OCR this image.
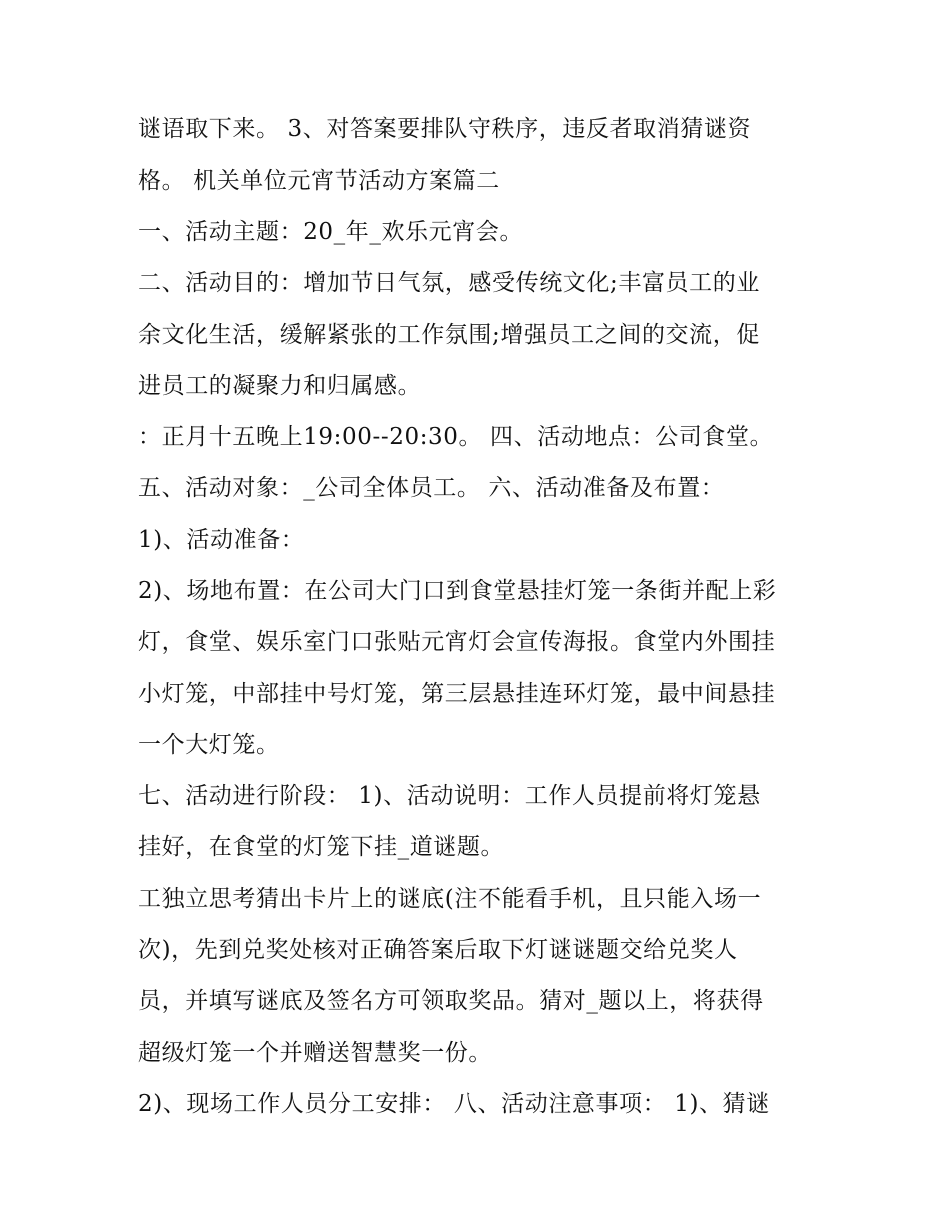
谜语取下来。 3、对答案要排队守秩序，违反者取消猜谜资
格。 机关单位元宵节活动方案篇二
一、活动主题：20_年_欢乐元宵会。
二、活动目的：增加节日气氛，感受传统文化;丰富员工的业
余文化生活，缓解紧张的工作氛围;增强员工之间的交流，促
进员工的凝聚力和归属感。
：正月十五晚上19:00--20:30。 四、活动地点：公司食堂。
五、活动对象：_公司全体员工。 六、活动准备及布置：
1)、活动准备：
2)、场地布置：在公司大门口到食堂悬挂灯笼一条街并配上彩
灯，食堂、娱乐室门口张贴元宵灯会宣传海报。食堂内外围挂
小灯笼，中部挂中号灯笼，第三层悬挂连环灯笼，最中间悬挂
一个大灯笼。
七、活动进行阶段： 1)、活动说明：工作人员提前将灯笼悬
挂好，在食堂的灯笼下挂_道谜题。
工独立思考猜出卡片上的谜底(注不能看手机，且只能入场一
次)，先到兑奖处核对正确答案后取下灯谜谜题交给兑奖人
员，并填写谜底及签名方可领取奖品。猜对_题以上，将获得
超级灯笼一个并赠送智慧奖一份。
2)、现场工作人员分工安排： 八、活动注意事项： 1)、猜谜
